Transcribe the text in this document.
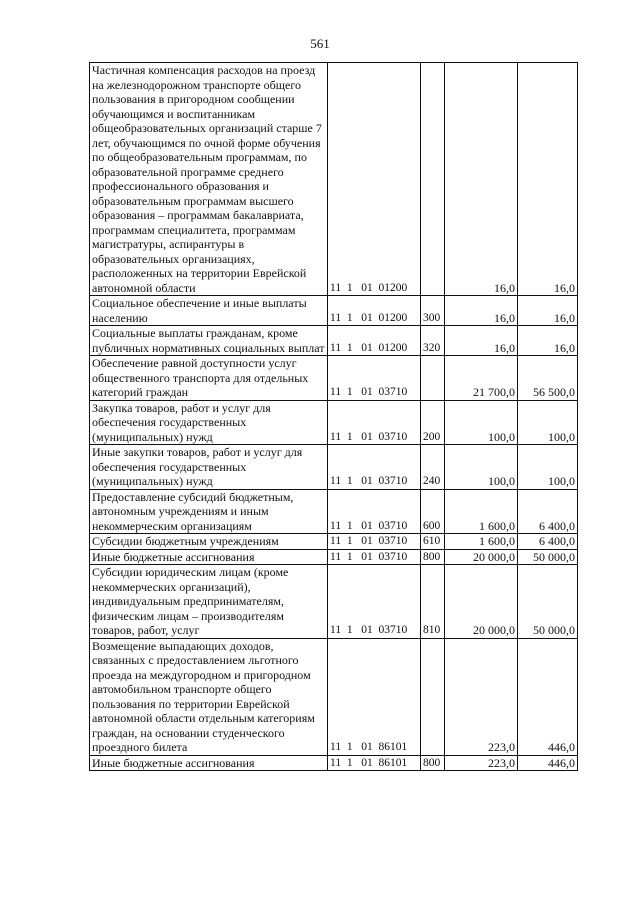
561
Частичная компенсация расходов на проезд на железнодорожном транспорте общего пользования в пригородном сообщении обучающимся и воспитанникам общеобразовательных организаций старше 7 лет, обучающимся по очной форме обучения по общеобразовательным программам, по образовательной программе среднего профессионального образования и образовательным программам высшего образования – программам бакалавриата, программам специалитета, программам магистратуры, аспирантуры в образовательных организациях, расположенных на территории Еврейской автономной области	11  1   01  01200		16,0	16,0
Социальное обеспечение и иные выплаты населению	11  1   01  01200	300	16,0	16,0
Социальные выплаты гражданам, кроме публичных нормативных социальных выплат	11  1   01  01200	320	16,0	16,0
Обеспечение равной доступности услуг общественного транспорта для отдельных категорий граждан	11  1   01  03710		21 700,0	56 500,0
Закупка товаров, работ и услуг для обеспечения государственных (муниципальных) нужд	11  1   01  03710	200	100,0	100,0
Иные закупки товаров, работ и услуг для обеспечения государственных (муниципальных) нужд	11  1   01  03710	240	100,0	100,0
Предоставление субсидий бюджетным, автономным учреждениям и иным некоммерческим организациям	11  1   01  03710	600	1 600,0	6 400,0
Субсидии бюджетным учреждениям	11  1   01  03710	610	1 600,0	6 400,0
Иные бюджетные ассигнования	11  1   01  03710	800	20 000,0	50 000,0
Субсидии юридическим лицам (кроме некоммерческих организаций), индивидуальным предпринимателям, физическим лицам – производителям товаров, работ, услуг	11  1   01  03710	810	20 000,0	50 000,0
Возмещение выпадающих доходов, связанных с предоставлением льготного проезда на междугородном и пригородном автомобильном транспорте общего пользования по территории Еврейской автономной области отдельным категориям граждан, на основании студенческого проездного билета	11  1   01  86101		223,0	446,0
Иные бюджетные ассигнования	11  1   01  86101	800	223,0	446,0
